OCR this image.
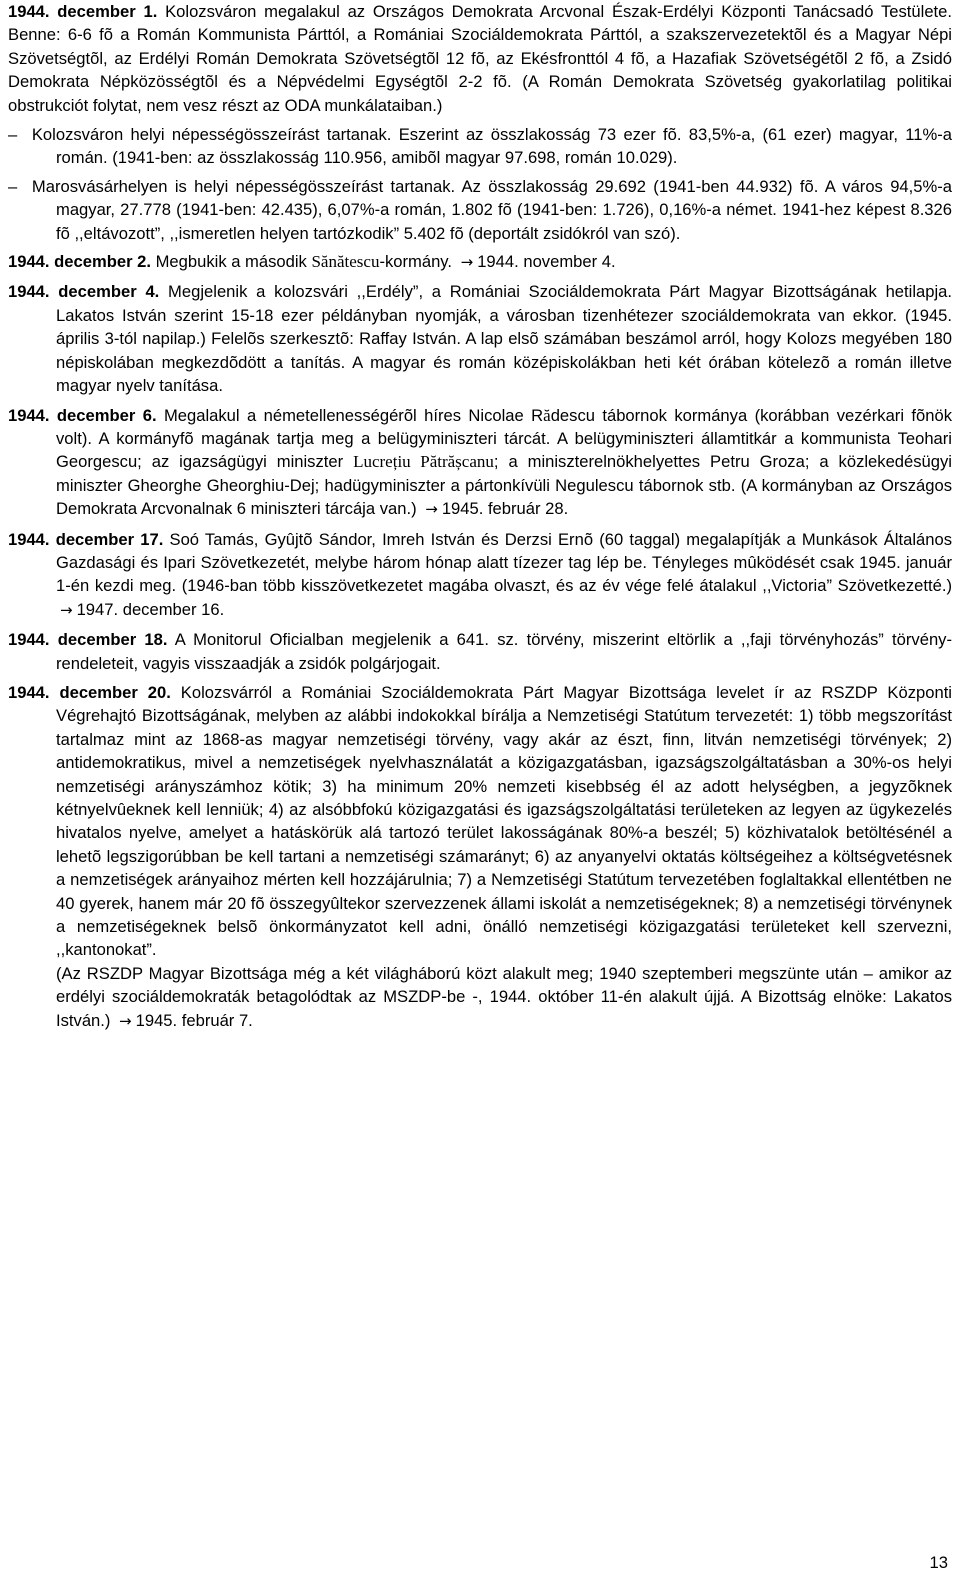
1944. december 1. Kolozsváron megalakul az Országos Demokrata Arcvonal Észak-Erdélyi Központi Tanácsadó Testülete. Benne: 6-6 fõ a Román Kommunista Párttól, a Romániai Szociáldemokrata Párttól, a szakszervezetektõl és a Magyar Népi Szövetségtõl, az Erdélyi Román Demokrata Szövetségtõl 12 fõ, az Ekésfronttól 4 fõ, a Hazafiak Szövetségétõl 2 fõ, a Zsidó Demokrata Népközösségtõl és a Népvédelmi Egységtõl 2-2 fõ. (A Román Demokrata Szövetség gyakorlatilag politikai obstrukciót folytat, nem vesz részt az ODA munkálataiban.)

–  Kolozsváron helyi népességösszeírást tartanak. Eszerint az összlakosság 73 ezer fõ. 83,5%-a, (61 ezer) magyar, 11%-a román. (1941-ben: az összlakosság 110.956, amibõl magyar 97.698, román 10.029).

–  Marosvásárhelyen is helyi népességösszeírást tartanak. Az összlakosság 29.692 (1941-ben 44.932) fõ. A város 94,5%-a magyar, 27.778 (1941-ben: 42.435), 6,07%-a román, 1.802 fõ (1941-ben: 1.726), 0,16%-a német. 1941-hez képest 8.326 fõ ,,eltávozott”, ,,ismeretlen helyen tartózkodik” 5.402 fõ (deportált zsidókról van szó).

1944. december 2. Megbukik a második Sănătescu-kormány. → 1944. november 4.

1944. december 4. Megjelenik a kolozsvári ,,Erdély”, a Romániai Szociáldemokrata Párt Magyar Bizottságának hetilapja. Lakatos István szerint 15-18 ezer példányban nyomják, a városban tizenhétezer szociáldemokrata van ekkor. (1945. április 3-tól napilap.) Felelõs szerkesztõ: Raffay István. A lap elsõ számában beszámol arról, hogy Kolozs megyében 180 népiskolában megkezdõdött a tanítás. A magyar és román középiskolákban heti két órában kötelezõ a román illetve magyar nyelv tanítása.

1944. december 6. Megalakul a németellenességérõl híres Nicolae Rădescu tábornok kormánya (korábban vezérkari fõnök volt). A kormányfõ magának tartja meg a belügyminiszteri tárcát. A belügyminiszteri államtitkár a kommunista Teohari Georgescu; az igazságügyi miniszter Lucrețiu Pătrășcanu; a miniszterelnökhelyettes Petru Groza; a közlekedésügyi miniszter Gheorghe Gheorghiu-Dej; hadügyminiszter a pártonkívüli Negulescu tábornok stb. (A kormányban az Országos Demokrata Arcvonalnak 6 miniszteri tárcája van.) → 1945. február 28.

1944. december 17. Soó Tamás, Gyûjtõ Sándor, Imreh István és Derzsi Ernõ (60 taggal) megalapítják a Munkások Általános Gazdasági és Ipari Szövetkezetét, melybe három hónap alatt tízezer tag lép be. Tényleges mûködését csak 1945. január 1-én kezdi meg. (1946-ban több kisszövetkezetet magába olvaszt, és az év vége felé átalakul ,,Victoria” Szövetkezetté.) → 1947. december 16.

1944. december 18. A Monitorul Oficialban megjelenik a 641. sz. törvény, miszerint eltörlik a ,,faji törvényhozás” törvény-rendeleteit, vagyis visszaadják a zsidók polgárjogait.

1944. december 20. Kolozsvárról a Romániai Szociáldemokrata Párt Magyar Bizottsága levelet ír az RSZDP Központi Végrehajtó Bizottságának, melyben az alábbi indokokkal bírálja a Nemzetiségi Statútum tervezetét: 1) több megszorítást tartalmaz mint az 1868-as magyar nemzetiségi törvény, vagy akár az észt, finn, litván nemzetiségi törvények; 2) antidemokratikus, mivel a nemzetiségek nyelvhasználatát a közigazgatásban, igazságszolgáltatásban a 30%-os helyi nemzetiségi arányszámhoz kötik; 3) ha minimum 20% nemzeti kisebbség él az adott helységben, a jegyzõknek kétnyelvûeknek kell lenniük; 4) az alsóbbfokú közigazgatási és igazságszolgáltatási területeken az legyen az ügykezelés hivatalos nyelve, amelyet a hatáskörük alá tartozó terület lakosságának 80%-a beszél; 5) közhivatalok betöltésénél a lehetõ legszigorúbban be kell tartani a nemzetiségi számarányt; 6) az anyanyelvi oktatás költségeihez a költségvetésnek a nemzetiségek arányaihoz mérten kell hozzájárulnia; 7) a Nemzetiségi Statútum tervezetében foglaltakkal ellentétben ne 40 gyerek, hanem már 20 fõ összegyûltekor szervezzenek állami iskolát a nemzetiségeknek; 8) a nemzetiségi törvénynek a nemzetiségeknek belsõ önkormányzatot kell adni, önálló nemzetiségi közigazgatási területeket kell szervezni, ,,kantonokat”.

(Az RSZDP Magyar Bizottsága még a két világháború közt alakult meg; 1940 szeptemberi megszünte után – amikor az erdélyi szociáldemokraták betagolódtak az MSZDP-be -, 1944. október 11-én alakult újjá. A Bizottság elnöke: Lakatos István.) → 1945. február 7.

13
